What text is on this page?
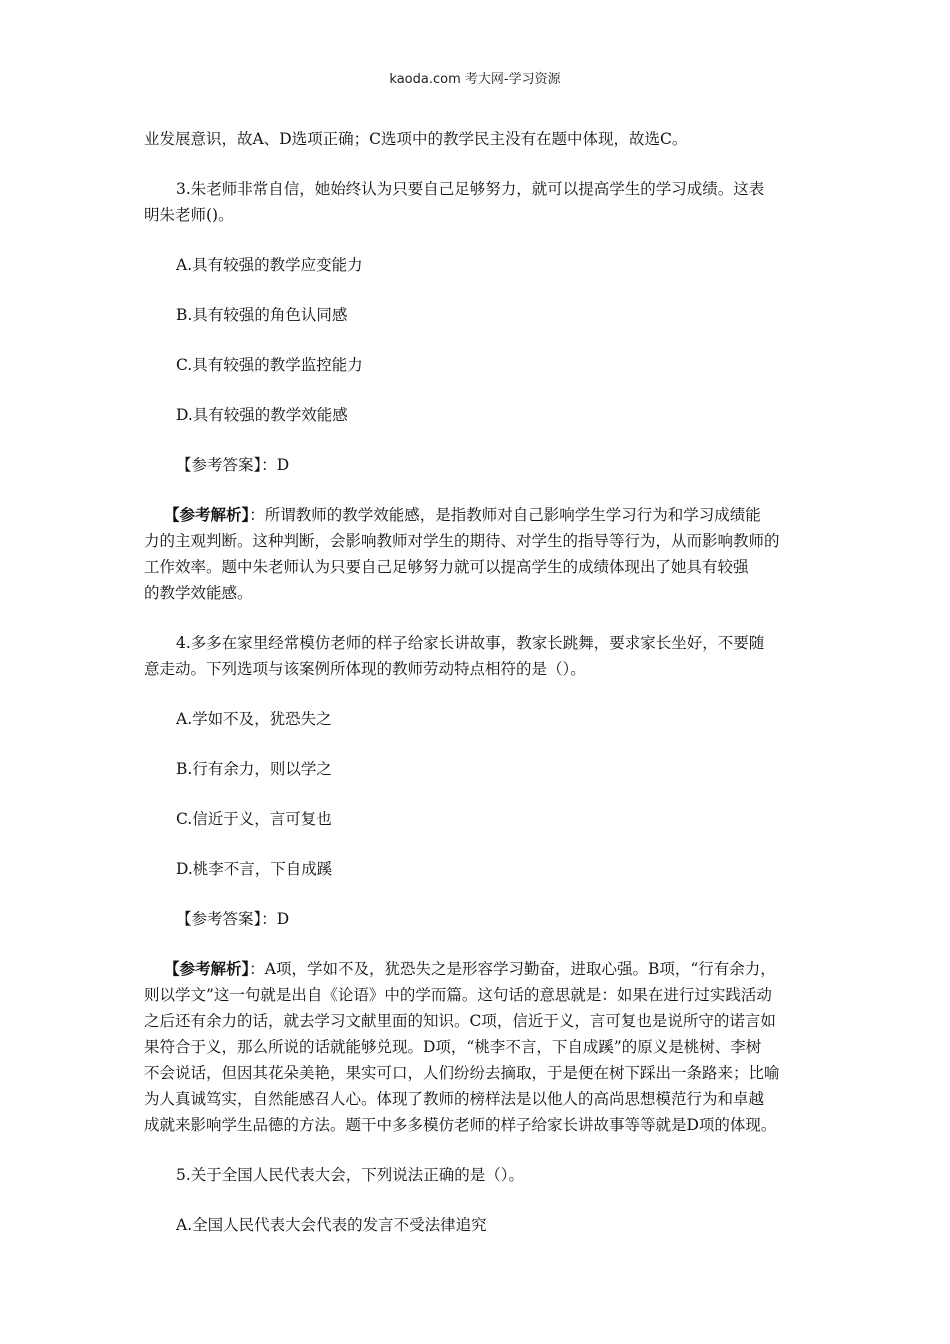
kaoda.com 考大网-学习资源

业发展意识，故A、D选项正确；C选项中的教学民主没有在题中体现，故选C。

3.朱老师非常自信，她始终认为只要自己足够努力，就可以提高学生的学习成绩。这表

明朱老师()。

A.具有较强的教学应变能力

B.具有较强的角色认同感

C.具有较强的教学监控能力

D.具有较强的教学效能感

【参考答案】：D

【参考解析】：所谓教师的教学效能感，是指教师对自己影响学生学习行为和学习成绩能

力的主观判断。这种判断，会影响教师对学生的期待、对学生的指导等行为，从而影响教师的

工作效率。题中朱老师认为只要自己足够努力就可以提高学生的成绩体现出了她具有较强

的教学效能感。

4.多多在家里经常模仿老师的样子给家长讲故事，教家长跳舞，要求家长坐好，不要随

意走动。下列选项与该案例所体现的教师劳动特点相符的是（）。

A.学如不及，犹恐失之

B.行有余力，则以学之

C.信近于义，言可复也

D.桃李不言，下自成蹊

【参考答案】：D

【参考解析】：A项，学如不及，犹恐失之是形容学习勤奋，进取心强。B项，“行有余力，

则以学文”这一句就是出自《论语》中的学而篇。这句话的意思就是：如果在进行过实践活动

之后还有余力的话，就去学习文献里面的知识。C项，信近于义，言可复也是说所守的诺言如

果符合于义，那么所说的话就能够兑现。D项，“桃李不言，下自成蹊”的原义是桃树、李树

不会说话，但因其花朵美艳，果实可口，人们纷纷去摘取，于是便在树下踩出一条路来；比喻

为人真诚笃实，自然能感召人心。体现了教师的榜样法是以他人的高尚思想模范行为和卓越

成就来影响学生品德的方法。题干中多多模仿老师的样子给家长讲故事等等就是D项的体现。

5.关于全国人民代表大会，下列说法正确的是（）。

A.全国人民代表大会代表的发言不受法律追究
